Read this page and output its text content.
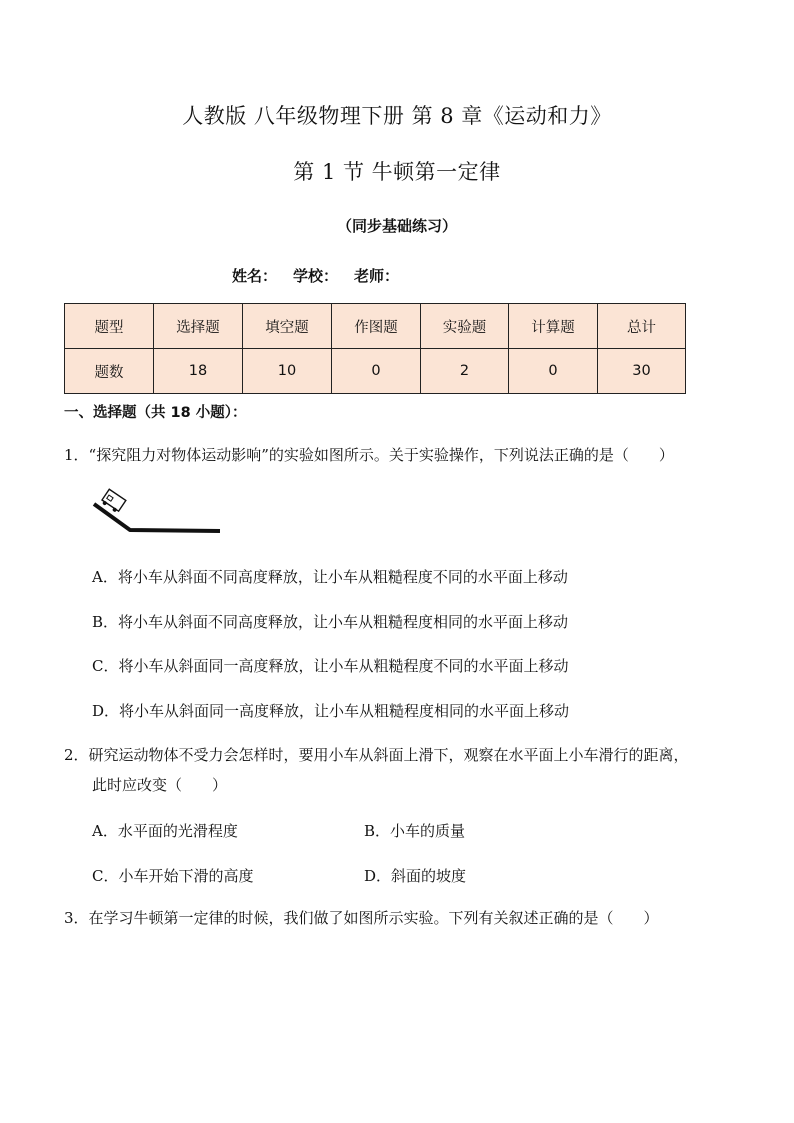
人教版 八年级物理下册 第 8 章《运动和力》
第 1 节 牛顿第一定律
（同步基础练习）
姓名： 学校： 老师：
题型	选择题	填空题	作图题	实验题	计算题	总计
题数	18	10	0	2	0	30
一、选择题（共 18 小题）：
1．“探究阻力对物体运动影响”的实验如图所示。关于实验操作，下列说法正确的是（　　）
A．将小车从斜面不同高度释放，让小车从粗糙程度不同的水平面上移动
B．将小车从斜面不同高度释放，让小车从粗糙程度相同的水平面上移动
C．将小车从斜面同一高度释放，让小车从粗糙程度不同的水平面上移动
D．将小车从斜面同一高度释放，让小车从粗糙程度相同的水平面上移动
2．研究运动物体不受力会怎样时，要用小车从斜面上滑下，观察在水平面上小车滑行的距离，
此时应改变（　　）
A．水平面的光滑程度	B．小车的质量
C．小车开始下滑的高度	D．斜面的坡度
3．在学习牛顿第一定律的时候，我们做了如图所示实验。下列有关叙述正确的是（　　）
